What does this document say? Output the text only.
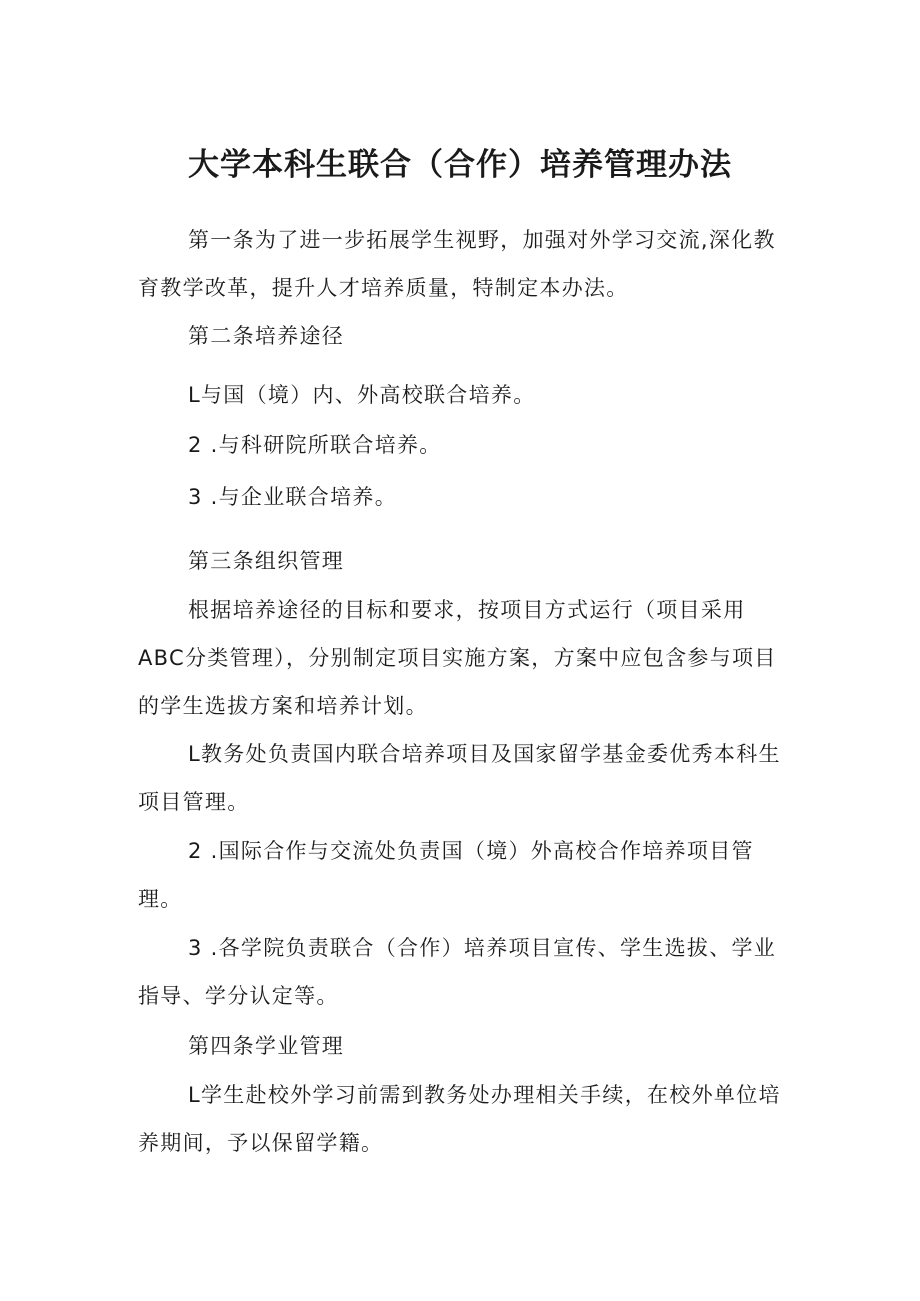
大学本科生联合（合作）培养管理办法

第一条为了进一步拓展学生视野，加强对外学习交流,深化教育教学改革，提升人才培养质量，特制定本办法。

第二条培养途径
L与国（境）内、外高校联合培养。
2 .与科研院所联合培养。
3 .与企业联合培养。
第三条组织管理

根据培养途径的目标和要求，按项目方式运行（项目采用ABC分类管理），分别制定项目实施方案，方案中应包含参与项目的学生选拔方案和培养计划。

L教务处负责国内联合培养项目及国家留学基金委优秀本科生项目管理。

2 .国际合作与交流处负责国（境）外高校合作培养项目管理。

3 .各学院负责联合（合作）培养项目宣传、学生选拔、学业指导、学分认定等。

第四条学业管理

L学生赴校外学习前需到教务处办理相关手续，在校外单位培养期间，予以保留学籍。
